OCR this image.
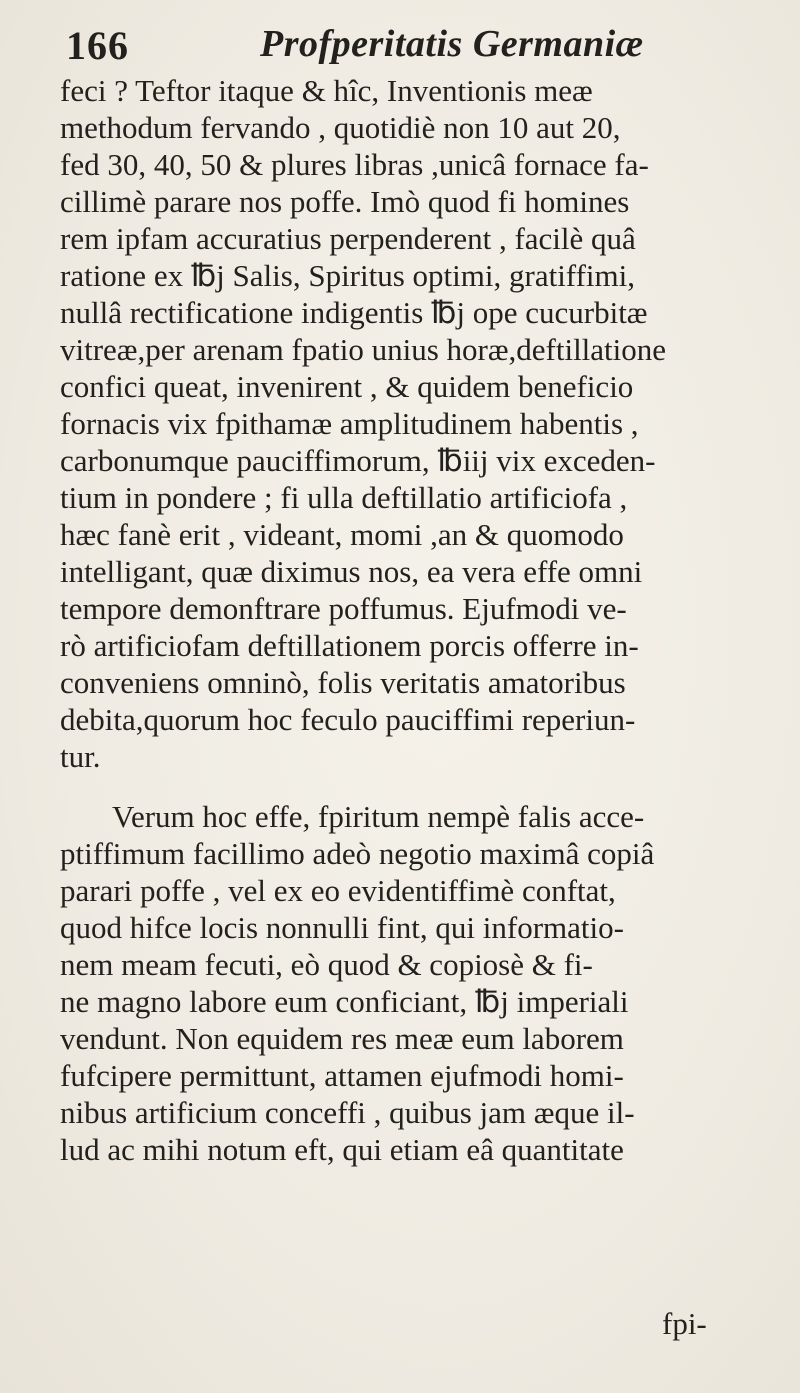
166	Profperitatis Germaniæ
feci ? Teftor itaque & hîc, Inventionis meæ
methodum fervando , quotidiè non 10 aut 20,
fed 30, 40, 50 & plures libras ,unicâ fornace fa-
cillimè parare nos poffe. Imò quod fi homines
rem ipfam accuratius perpenderent , facilè quâ
ratione ex ℔j Salis, Spiritus optimi, gratiffimi,
nullâ rectificatione indigentis ℔j ope cucurbitæ
vitreæ,per arenam fpatio unius horæ,deftillatione
confici queat, invenirent , & quidem beneficio
fornacis vix fpithamæ amplitudinem habentis ,
carbonumque pauciffimorum, ℔iij vix exceden-
tium in pondere ; fi ulla deftillatio artificiofa ,
hæc fanè erit , videant, momi ,an & quomodo
intelligant, quæ diximus nos, ea vera effe omni
tempore demonftrare poffumus. Ejufmodi ve-
rò artificiofam deftillationem porcis offerre in-
conveniens omninò, folis veritatis amatoribus
debita,quorum hoc feculo pauciffimi reperiun-
tur.
Verum hoc effe, fpiritum nempè falis acce-
ptiffimum facillimo adeò negotio maximâ copiâ
parari poffe , vel ex eo evidentiffimè conftat,
quod hifce locis nonnulli fint, qui informatio-
nem meam fecuti, eò quod & copiosè & fi-
ne magno labore eum conficiant, ℔j imperiali
vendunt. Non equidem res meæ eum laborem
fufcipere permittunt, attamen ejufmodi homi-
nibus artificium conceffi , quibus jam æque il-
lud ac mihi notum eft, qui etiam eâ quantitate
fpi-
